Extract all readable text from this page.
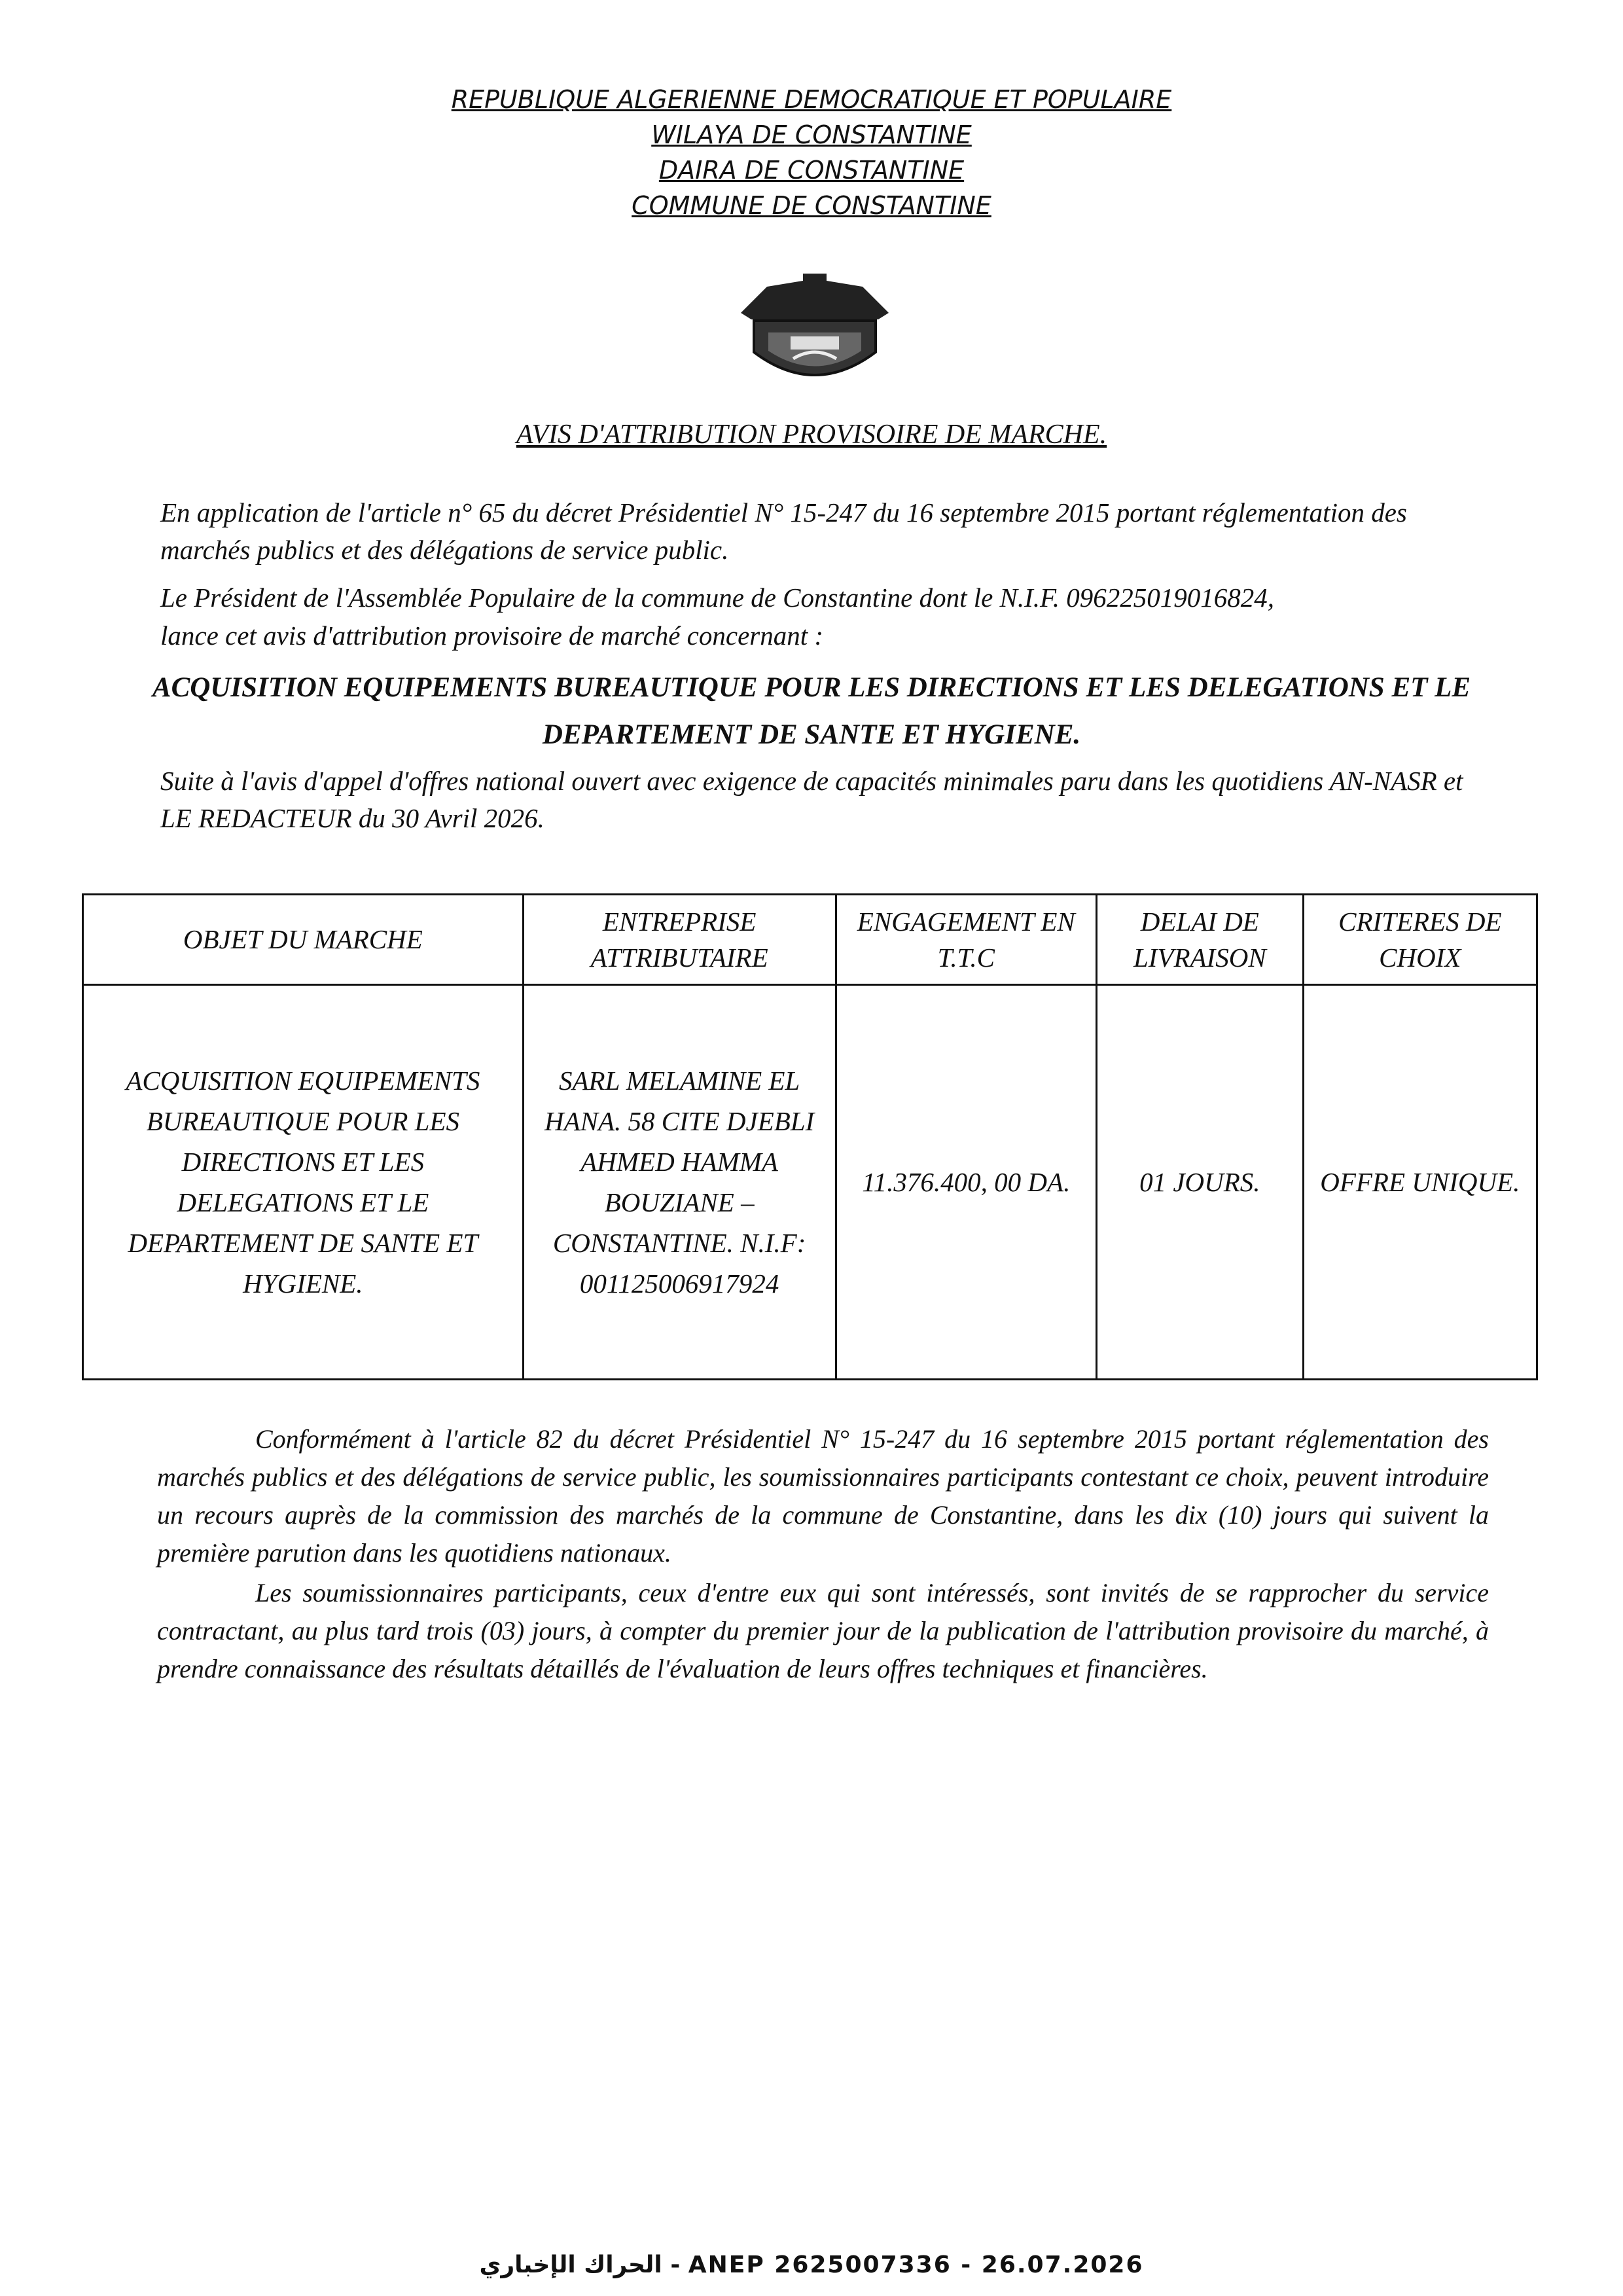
REPUBLIQUE ALGERIENNE DEMOCRATIQUE ET POPULAIRE
WILAYA DE CONSTANTINE
DAIRA DE CONSTANTINE
COMMUNE DE CONSTANTINE
AVIS D'ATTRIBUTION PROVISOIRE DE MARCHE.
En application de l'article n° 65 du décret Présidentiel N° 15-247 du 16 septembre 2015 portant réglementation des marchés publics et des délégations de service public.
Le Président de l'Assemblée Populaire de la commune de Constantine dont le N.I.F. 096225019016824,
lance cet avis d'attribution provisoire de marché concernant :
ACQUISITION EQUIPEMENTS BUREAUTIQUE POUR LES DIRECTIONS ET LES DELEGATIONS ET LE DEPARTEMENT DE SANTE ET HYGIENE.
Suite à l'avis d'appel d'offres national ouvert avec exigence de capacités minimales paru dans les quotidiens AN-NASR et LE REDACTEUR du 30 Avril 2026.
OBJET DU MARCHE	ENTREPRISE ATTRIBUTAIRE	ENGAGEMENT EN T.T.C	DELAI DE LIVRAISON	CRITERES DE CHOIX
ACQUISITION EQUIPEMENTS BUREAUTIQUE POUR LES DIRECTIONS ET LES DELEGATIONS ET LE DEPARTEMENT DE SANTE ET HYGIENE.	SARL MELAMINE EL HANA. 58 CITE DJEBLI AHMED HAMMA BOUZIANE – CONSTANTINE. N.I.F: 001125006917924	11.376.400, 00 DA.	01 JOURS.	OFFRE UNIQUE.
Conformément à l'article 82 du décret Présidentiel N° 15-247 du 16 septembre 2015 portant réglementation des marchés publics et des délégations de service public, les soumissionnaires participants contestant ce choix, peuvent introduire un recours auprès de la commission des marchés de la commune de Constantine, dans les dix (10) jours qui suivent la première parution dans les quotidiens nationaux.
Les soumissionnaires participants, ceux d'entre eux qui sont intéressés, sont invités de se rapprocher du service contractant, au plus tard trois (03) jours, à compter du premier jour de la publication de l'attribution provisoire du marché, à prendre connaissance des résultats détaillés de l'évaluation de leurs offres techniques et financières.
الحراك الإخباري - ANEP 2625007336 - 26.07.2026
